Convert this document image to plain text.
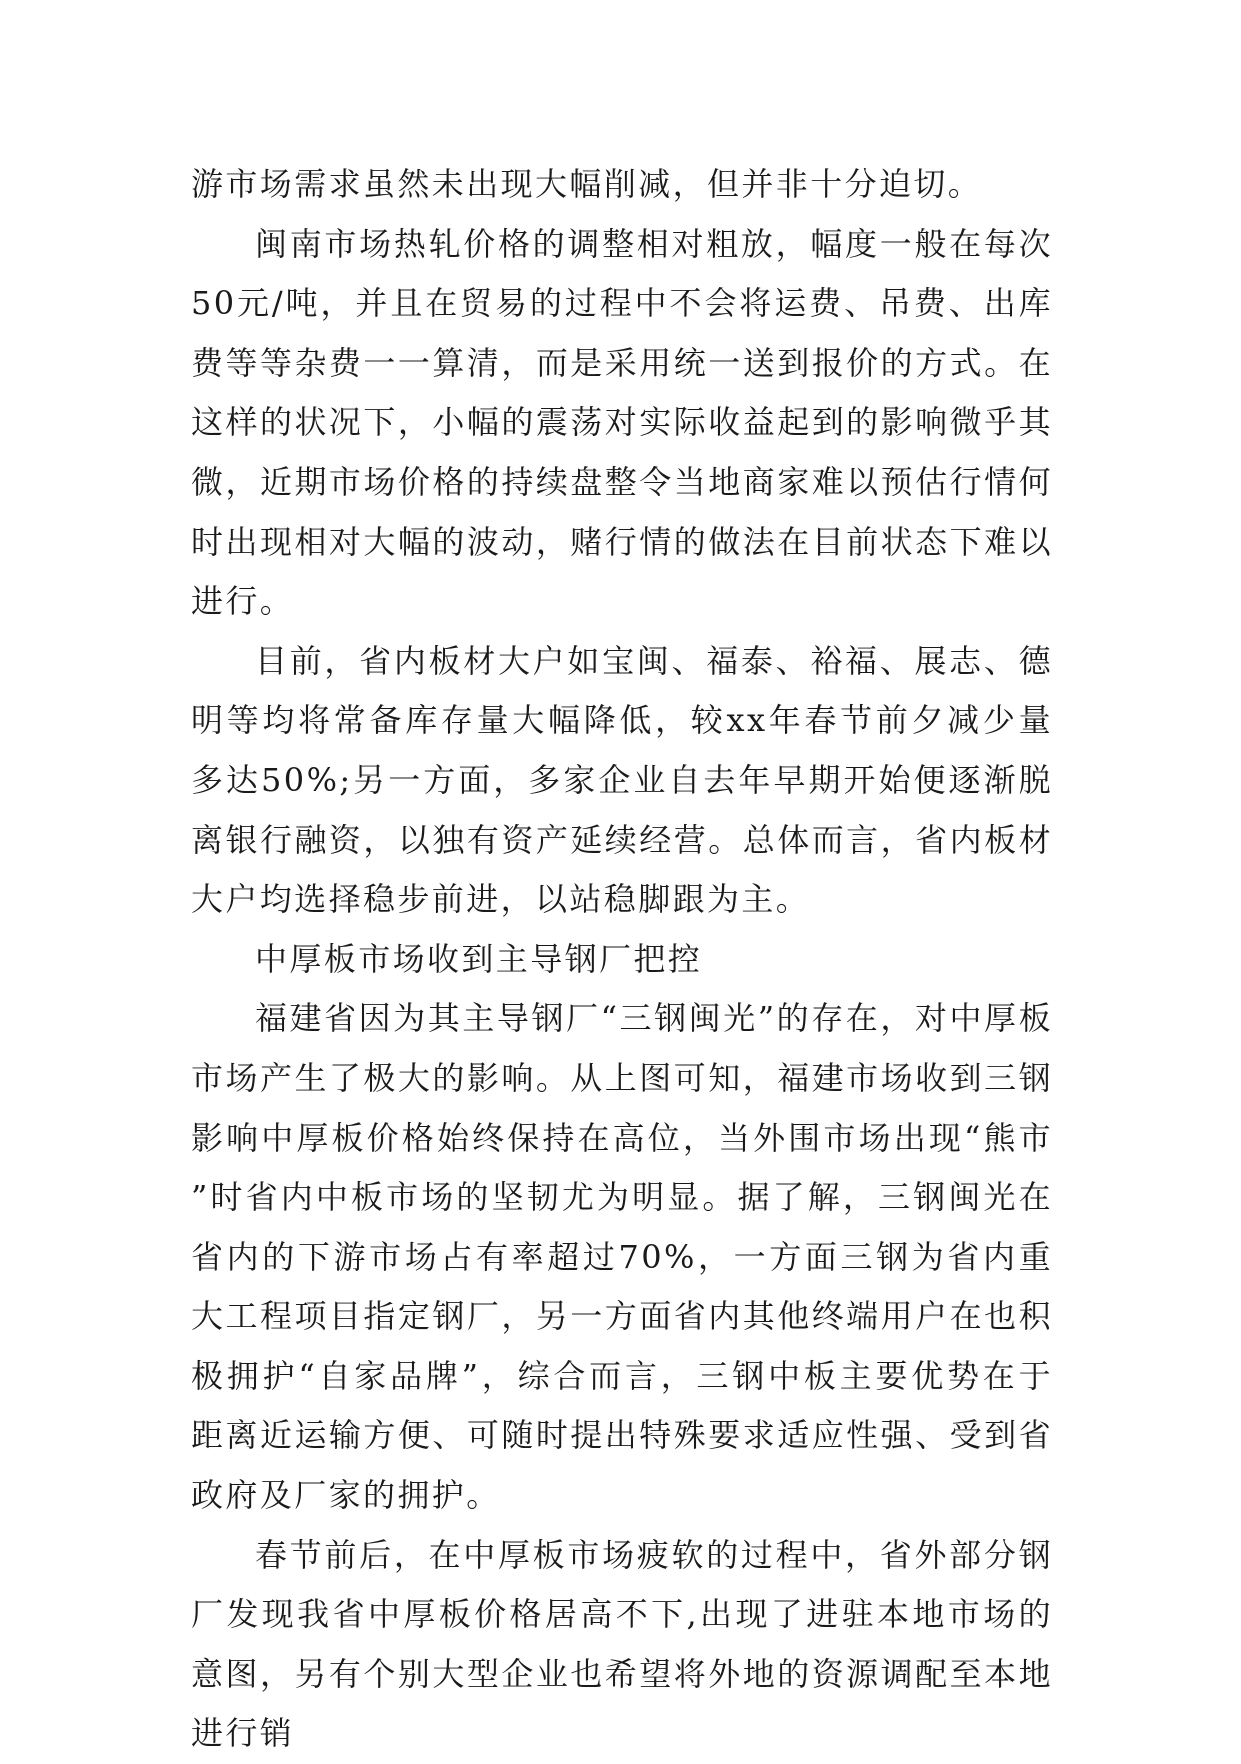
游市场需求虽然未出现大幅削减，但并非十分迫切。

闽南市场热轧价格的调整相对粗放，幅度一般在每次50元/吨，并且在贸易的过程中不会将运费、吊费、出库费等等杂费一一算清，而是采用统一送到报价的方式。在这样的状况下，小幅的震荡对实际收益起到的影响微乎其微，近期市场价格的持续盘整令当地商家难以预估行情何时出现相对大幅的波动，赌行情的做法在目前状态下难以进行。

目前，省内板材大户如宝闽、福泰、裕福、展志、德明等均将常备库存量大幅降低，较xx年春节前夕减少量多达50%;另一方面，多家企业自去年早期开始便逐渐脱离银行融资，以独有资产延续经营。总体而言，省内板材大户均选择稳步前进，以站稳脚跟为主。

中厚板市场收到主导钢厂把控

福建省因为其主导钢厂“三钢闽光”的存在，对中厚板市场产生了极大的影响。从上图可知，福建市场收到三钢影响中厚板价格始终保持在高位，当外围市场出现“熊市”时省内中板市场的坚韧尤为明显。据了解，三钢闽光在省内的下游市场占有率超过70%，一方面三钢为省内重大工程项目指定钢厂，另一方面省内其他终端用户在也积极拥护“自家品牌”，综合而言，三钢中板主要优势在于距离近运输方便、可随时提出特殊要求适应性强、受到省政府及厂家的拥护。

春节前后，在中厚板市场疲软的过程中，省外部分钢厂发现我省中厚板价格居高不下,出现了进驻本地市场的意图，另有个别大型企业也希望将外地的资源调配至本地进行销
